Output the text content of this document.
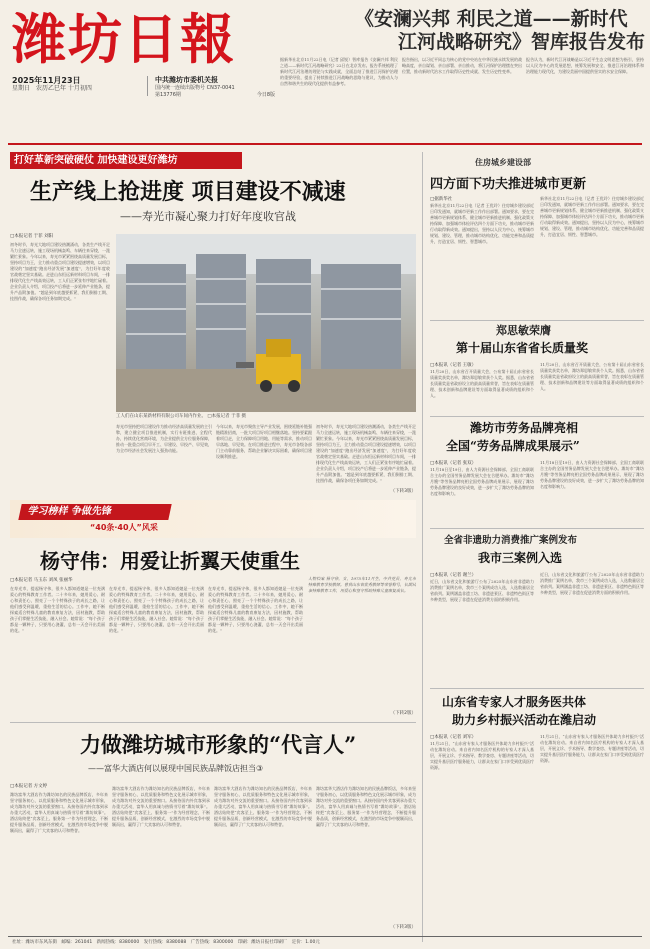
潍坊日報
2025年11月23日
星期日 农历乙巳年 十月初四
中共潍坊市委机关报
国内统一连续出版物号 CN37-0041
第13776期	今日8版
《安澜兴邦 利民之道——新时代
江河战略研究》智库报告发布
据新华社北京11月22日电（记者 邱锐）智库报告《安澜兴邦 利民之道——新时代江河战略研究》22日在北京发布。报告系统梳理了新时代江河治理的理论与实践成就，全面总结了推进江河保护治理的重要经验，提出了持续推进江河战略的思路与建议，为推动人与自然和谐共生的现代化提供有益参考。
报告指出，以习近平同志为核心的党中央站在中华民族永续发展的战略高度，亲自谋划、亲自部署、亲自推动，将江河保护治理摆在突出位置，推动新时代治水工作取得历史性成就、发生历史性变革。
报告认为，新时代江河战略是以习近平生态文明思想为指引，坚持以人民为中心的发展思想，统筹发展和安全，推进江河治理体系和治理能力现代化，为建设美丽中国提供坚实的水安全保障。
打好革新突破硬仗 加快建设更好潍坊
生产线上抢进度 项目建设不减速
——寿光市凝心聚力打好年度收官战
□本报记者 于菲 刘阳
初冬时节，寿光大地项目建设热潮涌动，各类生产线开足马力全速运转，施工现场机械轰鸣、车辆往来穿梭，一派繁忙景象。今年以来，寿光市紧紧围绕高质量发展目标，坚持项目为王，全力推动重点项目建设提速增效，以项目建设的“加速度”跑出经济发展“加速度”，为打好年度收官战奠定坚实基础。走进山东恒远新材料项目车间，一排排现代化生产线高效运转，工人们正紧张有序地忙碌着。企业负责人介绍，项目投产后将进一步延伸产业链条，提升产品附加值。“越是到年底越要抓紧，我们倒排工期、挂图作战，确保各项任务如期完成。”
工人们在山东某新材料有限公司车间内作业。 □本报记者 于菲 摄
寿光市坚持把项目建设作为推动经济高质量发展的主引擎，建立健全项目推进机制，实行专班推进、全程代办，持续优化营商环境，为企业提供全方位服务保障，推动一批重点项目早开工、早建设、早投产、早见效，为全市经济社会发展注入强劲动能。
今年以来，寿光市聚焦主导产业发展，围绕延链补链强链精准招商，一批大项目好项目相继落地。坚持要素跟着项目走，全力保障项目用地、用能等需求，推动项目早落地、早见效。在项目推进过程中，寿光市各级各部门主动靠前服务，帮助企业解决实际困难，确保项目建设顺利推进。
初冬时节，寿光大地项目建设热潮涌动，各类生产线开足马力全速运转，施工现场机械轰鸣、车辆往来穿梭，一派繁忙景象。今年以来，寿光市紧紧围绕高质量发展目标，坚持项目为王，全力推动重点项目建设提速增效，以项目建设的“加速度”跑出经济发展“加速度”，为打好年度收官战奠定坚实基础。走进山东恒远新材料项目车间，一排排现代化生产线高效运转，工人们正紧张有序地忙碌着。企业负责人介绍，项目投产后将进一步延伸产业链条，提升产品附加值。“越是到年底越要抓紧，我们倒排工期、挂图作战，确保各项任务如期完成。”
（下转3版）
学习榜样 争做先锋
“40条·40人”风采
杨守伟：用爱让折翼天使重生
□本报记者 马玉东 刘凤 张丽华
在寿光市，提起杨守伟，很多人都知道她是一位充满爱心的特殊教育工作者。二十多年来，她用爱心、耐心和责任心，照亮了一个个特殊孩子的成长之路，让他们感受到温暖，重拾生活的信心。工作中，她不断探索适合特殊儿童的教育康复方法，因材施教，帮助孩子们掌握生活技能，融入社会。她常说：“每个孩子都是一颗种子，只要用心浇灌，总有一天会开出美丽的花。”
在寿光市，提起杨守伟，很多人都知道她是一位充满爱心的特殊教育工作者。二十多年来，她用爱心、耐心和责任心，照亮了一个个特殊孩子的成长之路，让他们感受到温暖，重拾生活的信心。工作中，她不断探索适合特殊儿童的教育康复方法，因材施教，帮助孩子们掌握生活技能，融入社会。她常说：“每个孩子都是一颗种子，只要用心浇灌，总有一天会开出美丽的花。”
在寿光市，提起杨守伟，很多人都知道她是一位充满爱心的特殊教育工作者。二十多年来，她用爱心、耐心和责任心，照亮了一个个特殊孩子的成长之路，让他们感受到温暖，重拾生活的信心。工作中，她不断探索适合特殊儿童的教育康复方法，因材施教，帮助孩子们掌握生活技能，融入社会。她常说：“每个孩子都是一颗种子，只要用心浇灌，总有一天会开出美丽的花。”
人物档案 杨守伟，女，1975年11月生，中共党员，寿光市特殊教育学校教师。曾获山东省优秀教师等荣誉称号，长期从事特殊教育工作，用爱心和坚守帮助特殊儿童康复成长。
（下转2版）
力做潍坊城市形象的“代言人”
——富华大酒店何以展现中国民族品牌饭店担当③
□本报记者 方文婷
潍坊富华大酒店作为潍坊知名的民族品牌饭店，多年来坚守服务初心，以优质服务和特色文化展示城市形象，成为潍坊对外交流的重要窗口。从接待国内外宾客到承办重大活动，富华人用真诚与热情书写着“潍坊故事”。酒店始终把“宾客至上、服务第一”作为经营理念，不断提升服务品质，创新经营模式，在激烈的市场竞争中脱颖而出，赢得了广大宾客的认可和赞誉。
潍坊富华大酒店作为潍坊知名的民族品牌饭店，多年来坚守服务初心，以优质服务和特色文化展示城市形象，成为潍坊对外交流的重要窗口。从接待国内外宾客到承办重大活动，富华人用真诚与热情书写着“潍坊故事”。酒店始终把“宾客至上、服务第一”作为经营理念，不断提升服务品质，创新经营模式，在激烈的市场竞争中脱颖而出，赢得了广大宾客的认可和赞誉。
潍坊富华大酒店作为潍坊知名的民族品牌饭店，多年来坚守服务初心，以优质服务和特色文化展示城市形象，成为潍坊对外交流的重要窗口。从接待国内外宾客到承办重大活动，富华人用真诚与热情书写着“潍坊故事”。酒店始终把“宾客至上、服务第一”作为经营理念，不断提升服务品质，创新经营模式，在激烈的市场竞争中脱颖而出，赢得了广大宾客的认可和赞誉。
潍坊富华大酒店作为潍坊知名的民族品牌饭店，多年来坚守服务初心，以优质服务和特色文化展示城市形象，成为潍坊对外交流的重要窗口。从接待国内外宾客到承办重大活动，富华人用真诚与热情书写着“潍坊故事”。酒店始终把“宾客至上、服务第一”作为经营理念，不断提升服务品质，创新经营模式，在激烈的市场竞争中脱颖而出，赢得了广大宾客的认可和赞誉。
（下转3版）
住房城乡建设部
四方面下功夫推进城市更新
□据新华社
新华社北京11月22日电（记者 王优玲）住房城乡建设部近日印发通知，就城市更新工作作出部署。通知要求，要在完善城市更新规划体系、健全城市更新推进机制、强化政策支持保障、加强城市体检评估四个方面下功夫，推动城市更新行动取得新成效。通知提出，坚持以人民为中心，统筹城市规划、建设、管理，推动城市结构优化、功能完善和品质提升，打造宜居、韧性、智慧城市。
新华社北京11月22日电（记者 王优玲）住房城乡建设部近日印发通知，就城市更新工作作出部署。通知要求，要在完善城市更新规划体系、健全城市更新推进机制、强化政策支持保障、加强城市体检评估四个方面下功夫，推动城市更新行动取得新成效。通知提出，坚持以人民为中心，统筹城市规划、建设、管理，推动城市结构优化、功能完善和品质提升，打造宜居、韧性、智慧城市。
郑思敏荣膺
第十届山东省省长质量奖
□本报讯（记者 王敏）
11月20日，山东省召开质量大会，公布第十届山东省省长质量奖获奖名单，潍坊郑思敏荣获个人奖。据悉，山东省省长质量奖是省政府设立的最高质量荣誉，旨在表彰在质量管理、技术创新和品牌建设等方面取得显著成绩的组织和个人。
11月20日，山东省召开质量大会，公布第十届山东省省长质量奖获奖名单，潍坊郑思敏荣获个人奖。据悉，山东省省长质量奖是省政府设立的最高质量荣誉，旨在表彰在质量管理、技术创新和品牌建设等方面取得显著成绩的组织和个人。
潍坊市劳务品牌亮相
全国“劳务品牌成果展示”
□本报讯（记者 张双）
11月18日至19日，由人力资源社会保障部、全国工商联联合主办的全国劳务品牌发展大会在合肥举办。潍坊市“潍坊月嫂”等劳务品牌亮相全国劳务品牌成果展示，展现了潍坊劳务品牌建设的良好成效，进一步扩大了潍坊劳务品牌的知名度和影响力。
11月18日至19日，由人力资源社会保障部、全国工商联联合主办的全国劳务品牌发展大会在合肥举办。潍坊市“潍坊月嫂”等劳务品牌亮相全国劳务品牌成果展示，展现了潍坊劳务品牌建设的良好成效，进一步扩大了潍坊劳务品牌的知名度和影响力。
全省非遗助力消费推广案例发布
我市三案例入选
□本报讯（记者 谢兰）
近日，山东省文化和旅游厅公布了2025年山东省非遗助力消费推广案例名单，我市三个案例成功入选，入选数量居全省前列。案例涵盖非遗工坊、非遗进景区、非遗特色街区等多种类型，展现了非遗在促进消费方面的积极作用。
近日，山东省文化和旅游厅公布了2025年山东省非遗助力消费推广案例名单，我市三个案例成功入选，入选数量居全省前列。案例涵盖非遗工坊、非遗进景区、非遗特色街区等多种类型，展现了非遗在促进消费方面的积极作用。
山东省专家人才服务医共体
助力乡村振兴活动在潍启动
□本报讯（记者 刘军）
11月21日，“山东省专家人才服务医共体助力乡村振兴”活动在潍坊启动。来自省内知名医疗机构的专家人才深入基层，开展义诊、手术指导、教学查房、专题讲座等活动，切实提升基层医疗服务能力，让群众在家门口享受到优质医疗资源。
11月21日，“山东省专家人才服务医共体助力乡村振兴”活动在潍坊启动。来自省内知名医疗机构的专家人才深入基层，开展义诊、手术指导、教学查房、专题讲座等活动，切实提升基层医疗服务能力，让群众在家门口享受到优质医疗资源。
社址：潍坊市东风东街　邮编：261041　新闻热线：8380000　发行热线：8380088　广告热线：8300000　印刷：潍坊日报社印刷厂　定价：1.00元
